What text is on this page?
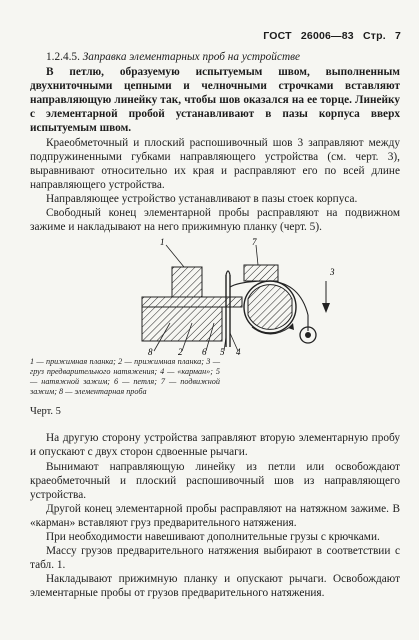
ГОСТ 26006—83 Стр. 7

1.2.4.5. Заправка элементарных проб на устройстве

В петлю, образуемую испытуемым швом, выполненным двухниточными цепными и челночными строчками вставляют направляющую линейку так, чтобы шов оказался на ее торце. Линейку с элементарной пробой устанавливают в пазы корпуса вверх испытуемым швом.

Краеобметочный и плоский распошивочный шов 3 заправляют между подпружиненными губками направляющего устройства (см. черт. 3), выравнивают относительно их края и расправляют его по всей длине направляющего устройства.

Направляющее устройство устанавливают в пазы стоек корпуса.

Свободный конец элементарной пробы расправляют на подвижном зажиме и накладывают на него прижимную планку (черт. 5).

1	7
3
8	2 6 5 4

1 — прижимная планка; 2 — прижимная планка; 3 — груз предварительного натяжения; 4 — «карман»; 5 — натяжной зажим; 6 — петля; 7 — подвижной зажим; 8 — элементарная проба

Черт. 5

На другую сторону устройства заправляют вторую элементарную пробу и опускают с двух сторон сдвоенные рычаги.

Вынимают направляющую линейку из петли или освобождают краеобметочный и плоский распошивочный шов из направляющего устройства.

Другой конец элементарной пробы расправляют на натяжном зажиме. В «карман» вставляют груз предварительного натяжения.

При необходимости навешивают дополнительные грузы с крючками.

Массу грузов предварительного натяжения выбирают в соответствии с табл. 1.

Накладывают прижимную планку и опускают рычаги. Освобождают элементарные пробы от грузов предварительного натяжения.
